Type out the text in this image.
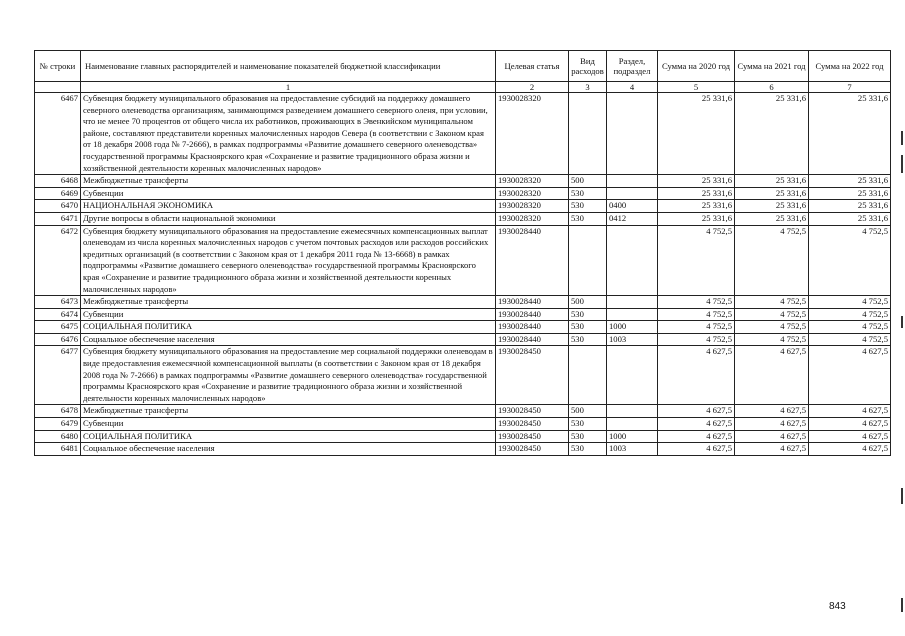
№ строки	Наименование главных распорядителей и наименование показателей бюджетной классификации	Целевая статья	Вид расходов	Раздел, подраздел	Сумма на 2020 год	Сумма на 2021 год	Сумма на 2022 год
	1	2	3	4	5	6	7
6467	Субвенция бюджету муниципального образования на предоставление субсидий на поддержку домашнего северного оленеводства организациям, занимающимся разведением домашнего северного оленя, при условии, что не менее 70 процентов от общего числа их работников, проживающих в Эвенкийском муниципальном районе, составляют представители коренных малочисленных народов Севера (в соответствии с Законом края от 18 декабря 2008 года № 7-2666), в рамках подпрограммы «Развитие домашнего северного оленеводства» государственной программы Красноярского края «Сохранение и развитие традиционного образа жизни и хозяйственной деятельности коренных малочисленных народов»	1930028320			25 331,6	25 331,6	25 331,6
6468	Межбюджетные трансферты	1930028320	500		25 331,6	25 331,6	25 331,6
6469	Субвенции	1930028320	530		25 331,6	25 331,6	25 331,6
6470	НАЦИОНАЛЬНАЯ ЭКОНОМИКА	1930028320	530	0400	25 331,6	25 331,6	25 331,6
6471	Другие вопросы в области национальной экономики	1930028320	530	0412	25 331,6	25 331,6	25 331,6
6472	Субвенция бюджету муниципального образования на предоставление ежемесячных компенсационных выплат оленеводам из числа коренных малочисленных народов с учетом почтовых расходов или расходов российских кредитных организаций (в соответствии с Законом края от 1 декабря 2011 года № 13-6668) в рамках подпрограммы «Развитие домашнего северного оленеводства» государственной программы Красноярского края «Сохранение и развитие традиционного образа жизни и хозяйственной деятельности коренных малочисленных народов»	1930028440			4 752,5	4 752,5	4 752,5
6473	Межбюджетные трансферты	1930028440	500		4 752,5	4 752,5	4 752,5
6474	Субвенции	1930028440	530		4 752,5	4 752,5	4 752,5
6475	СОЦИАЛЬНАЯ ПОЛИТИКА	1930028440	530	1000	4 752,5	4 752,5	4 752,5
6476	Социальное обеспечение населения	1930028440	530	1003	4 752,5	4 752,5	4 752,5
6477	Субвенция бюджету муниципального образования на предоставление мер социальной поддержки оленеводам в виде предоставления ежемесячной компенсационной выплаты (в соответствии с Законом края от 18 декабря 2008 года № 7-2666) в рамках подпрограммы «Развитие домашнего северного оленеводства» государственной программы Красноярского края «Сохранение и развитие традиционного образа жизни и хозяйственной деятельности коренных малочисленных народов»	1930028450			4 627,5	4 627,5	4 627,5
6478	Межбюджетные трансферты	1930028450	500		4 627,5	4 627,5	4 627,5
6479	Субвенции	1930028450	530		4 627,5	4 627,5	4 627,5
6480	СОЦИАЛЬНАЯ ПОЛИТИКА	1930028450	530	1000	4 627,5	4 627,5	4 627,5
6481	Социальное обеспечение населения	1930028450	530	1003	4 627,5	4 627,5	4 627,5
843
